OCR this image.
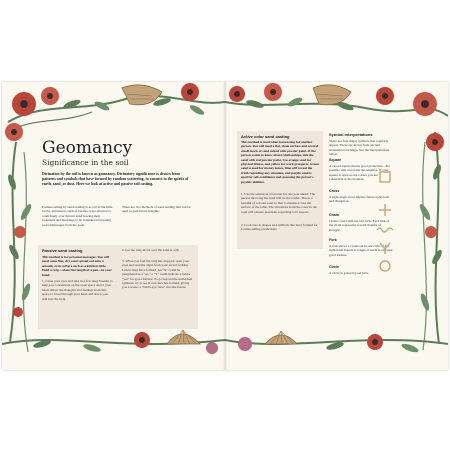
Geomancy
Significance in the soil
Divination by the soil is known as geomancy. Divinatory significance is drawn from patterns and symbols that have formed by random scattering, to connect to the spirits of earth, sand, or dust. Here we look at active and passive soil casting.
Fortune-telling by sand reading is as old as the hills. Crabs, and insects such as beetles, were allowed to roam freely over thrown sand leaving their footprints and markings to be considered revealing sacred messages from the gods.
There are two methods of sand reading that can be used to gain future insights.
Passive sand casting
This method is for personal messages. You will need some fine, dry sand spread out onto a smooth, even surface such as a kitchen table. Hold a twig—about the length of a pen—in your hand.
1. Close your eyes and take in a few deep breaths to help you concentrate on the open space above your head. Allow the thoughts and feelings from this space to travel through your head and down your arm into the twig.
2. Let the twig move over the sand at will.
3. When you feel the twig has stopped, open your eyes and read the signs from your sacred writing. Letters may have formed. An "N" could be interpreted as a "no," a "Y" could indicate a future "yes" for good fortune. To go beyond the individual symbols, try to see if a picture has formed, giving you a scene, a "bird's-eye view" into the future.
Active color sand casting
This method is used when forecasting for another person. You will need a flat, clean surface and several small bowls of sand mixed with powder paint. If the person wants to know about relationships, mix the sand with red powder paint. Use orange sand for physical fitness, and yellow for work prospects. Green sand is used for money issues, blue will reveal the truth regarding any situation, and purple sand is used for self-confidence and assessing the person's psychic abilities.
1. Use the setting as a forecast for one year ahead. The person throwing the sand will be the reader. Throw a handful of colored sand so that it streams across the surface of the table. The vibrations from the color in the sand will answer questions regarding love aspects.
2. Look also at shapes and symbols that have formed for fortune-telling predictions.
Symbol interpretations
There are four major symbols that regularly appear. These are drawn from ancient alchemical teachings. See the interpretations below.
Square
A closed square means good protection—the positive will overcome the negative. If your square is open at one corner you are vulnerable at the moment.
Cross
A right-angle cross implies future upheavals and disruption.
Chain
Chains could indicate bad luck. Each link of the chain represents several months of struggle.
Fork
A fork shows a crossroad in one's life. If the right-hand branch is longer, it leads to extreme good fortune.
Circle
A circle is general good luck.
